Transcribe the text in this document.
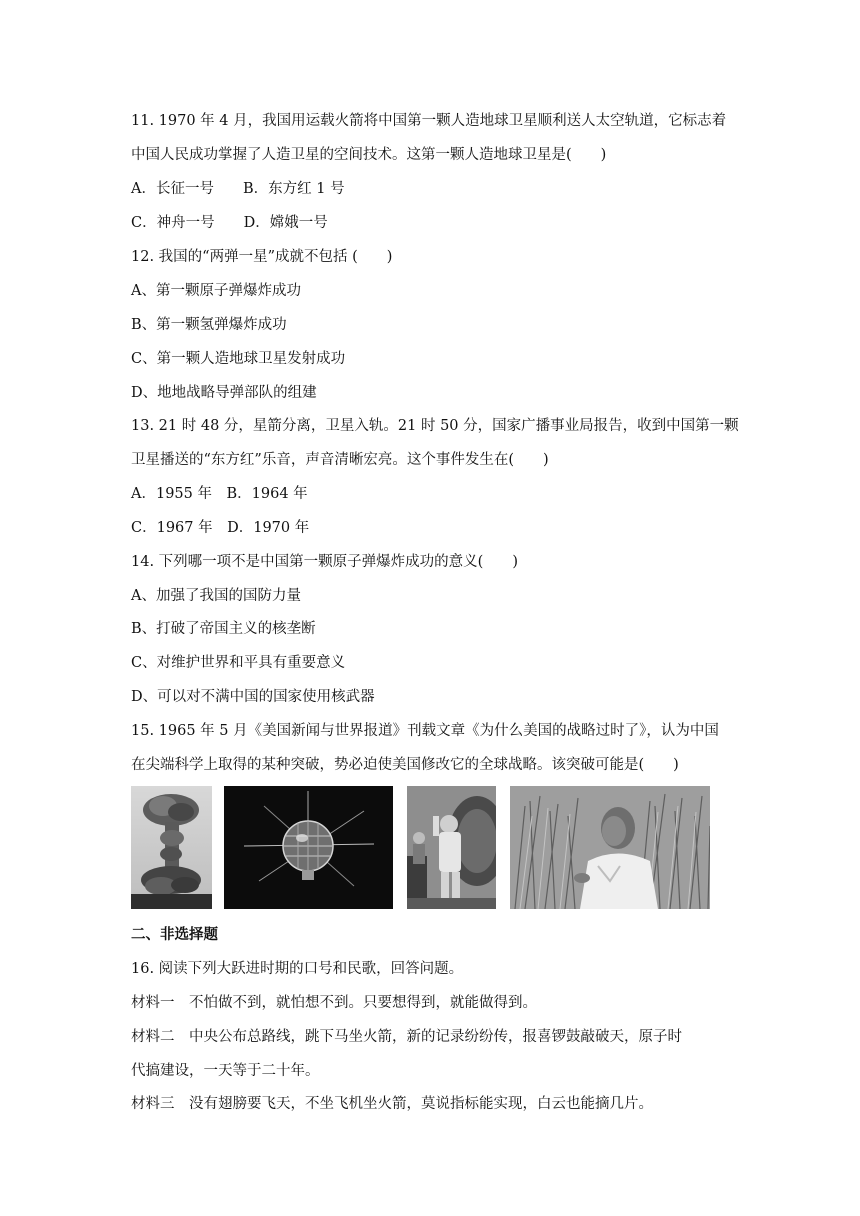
11. 1970 年 4 月，我国用运载火箭将中国第一颗人造地球卫星顺利送人太空轨道，它标志着
中国人民成功掌握了人造卫星的空间技术。这第一颗人造地球卫星是(　　)
A．长征一号　　B．东方红 1 号
C．神舟一号　　D．嫦娥一号
12. 我国的“两弹一星”成就不包括 (　　)
A、第一颗原子弹爆炸成功
B、第一颗氢弹爆炸成功
C、第一颗人造地球卫星发射成功
D、地地战略导弹部队的组建
13. 21 时 48 分，星箭分离，卫星入轨。21 时 50 分，国家广播事业局报告，收到中国第一颗
卫星播送的“东方红”乐音，声音清晰宏亮。这个事件发生在(　　)
A．1955 年　B．1964 年
C．1967 年　D．1970 年
14. 下列哪一项不是中国第一颗原子弹爆炸成功的意义(　　)
A、加强了我国的国防力量
B、打破了帝国主义的核垄断
C、对维护世界和平具有重要意义
D、可以对不满中国的国家使用核武器
15. 1965 年 5 月《美国新闻与世界报道》刊载文章《为什么美国的战略过时了》，认为中国
在尖端科学上取得的某种突破，势必迫使美国修改它的全球战略。该突破可能是(　　)
二、非选择题
16. 阅读下列大跃进时期的口号和民歌，回答问题。
材料一　不怕做不到，就怕想不到。只要想得到，就能做得到。
材料二　中央公布总路线，跳下马坐火箭，新的记录纷纷传，报喜锣鼓敲破天，原子时
代搞建设，一天等于二十年。
材料三　没有翅膀要飞天，不坐飞机坐火箭，莫说指标能实现，白云也能摘几片。
